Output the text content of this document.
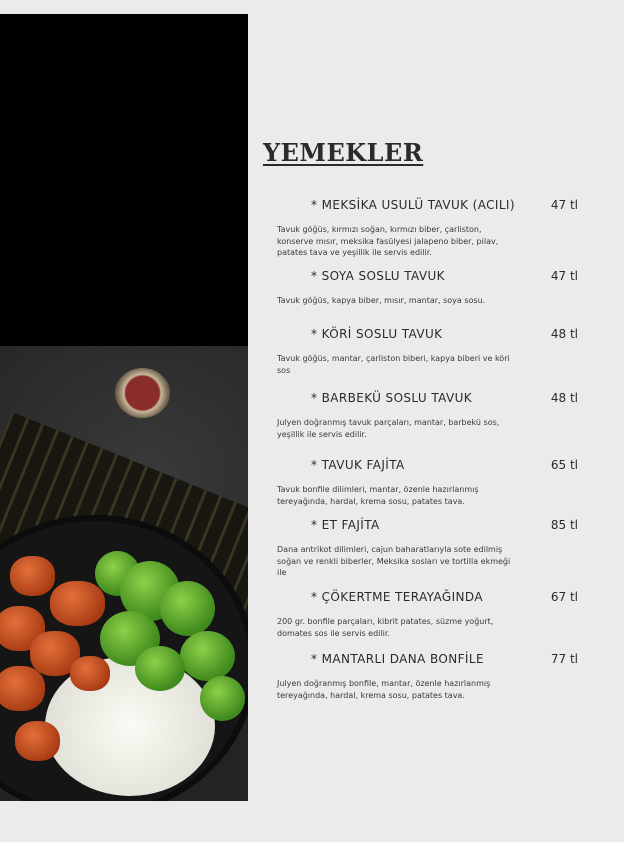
YEMEKLER
* MEKSİKA USULÜ TAVUK (ACILI)	47 tl
Tavuk göğüs, kırmızı soğan, kırmızı biber, çarliston, konserve mısır, meksika fasülyesi jalapeno biber, pilav, patates tava ve yeşillik ile servis edilir.
* SOYA SOSLU TAVUK	47 tl
Tavuk göğüs, kapya biber, mısır, mantar, soya sosu.
* KÖRİ SOSLU TAVUK	48 tl
Tavuk göğüs, mantar, çarliston biberi, kapya biberi ve köri sos
* BARBEKÜ SOSLU TAVUK	48 tl
Julyen doğranmış tavuk parçaları, mantar, barbekü sos, yeşillik ile servis edilir.
* TAVUK FAJİTA	65 tl
Tavuk bonfile dilimleri, mantar, özenle hazırlanmış tereyağında, hardal, krema sosu, patates tava.
* ET FAJİTA	85 tl
Dana antrikot dilimleri, cajun baharatlarıyla sote edilmiş soğan ve renkli biberler, Meksika sosları ve tortilla ekmeği ile
* ÇÖKERTME TERAYAĞINDA	67 tl
200 gr. bonfile parçaları, kibrit patates, süzme yoğurt, domates sos ile servis edilir.
* MANTARLI DANA BONFİLE	77 tl
Julyen doğranmış bonfile, mantar, özenle hazırlanmış tereyağında, hardal, krema sosu, patates tava.
